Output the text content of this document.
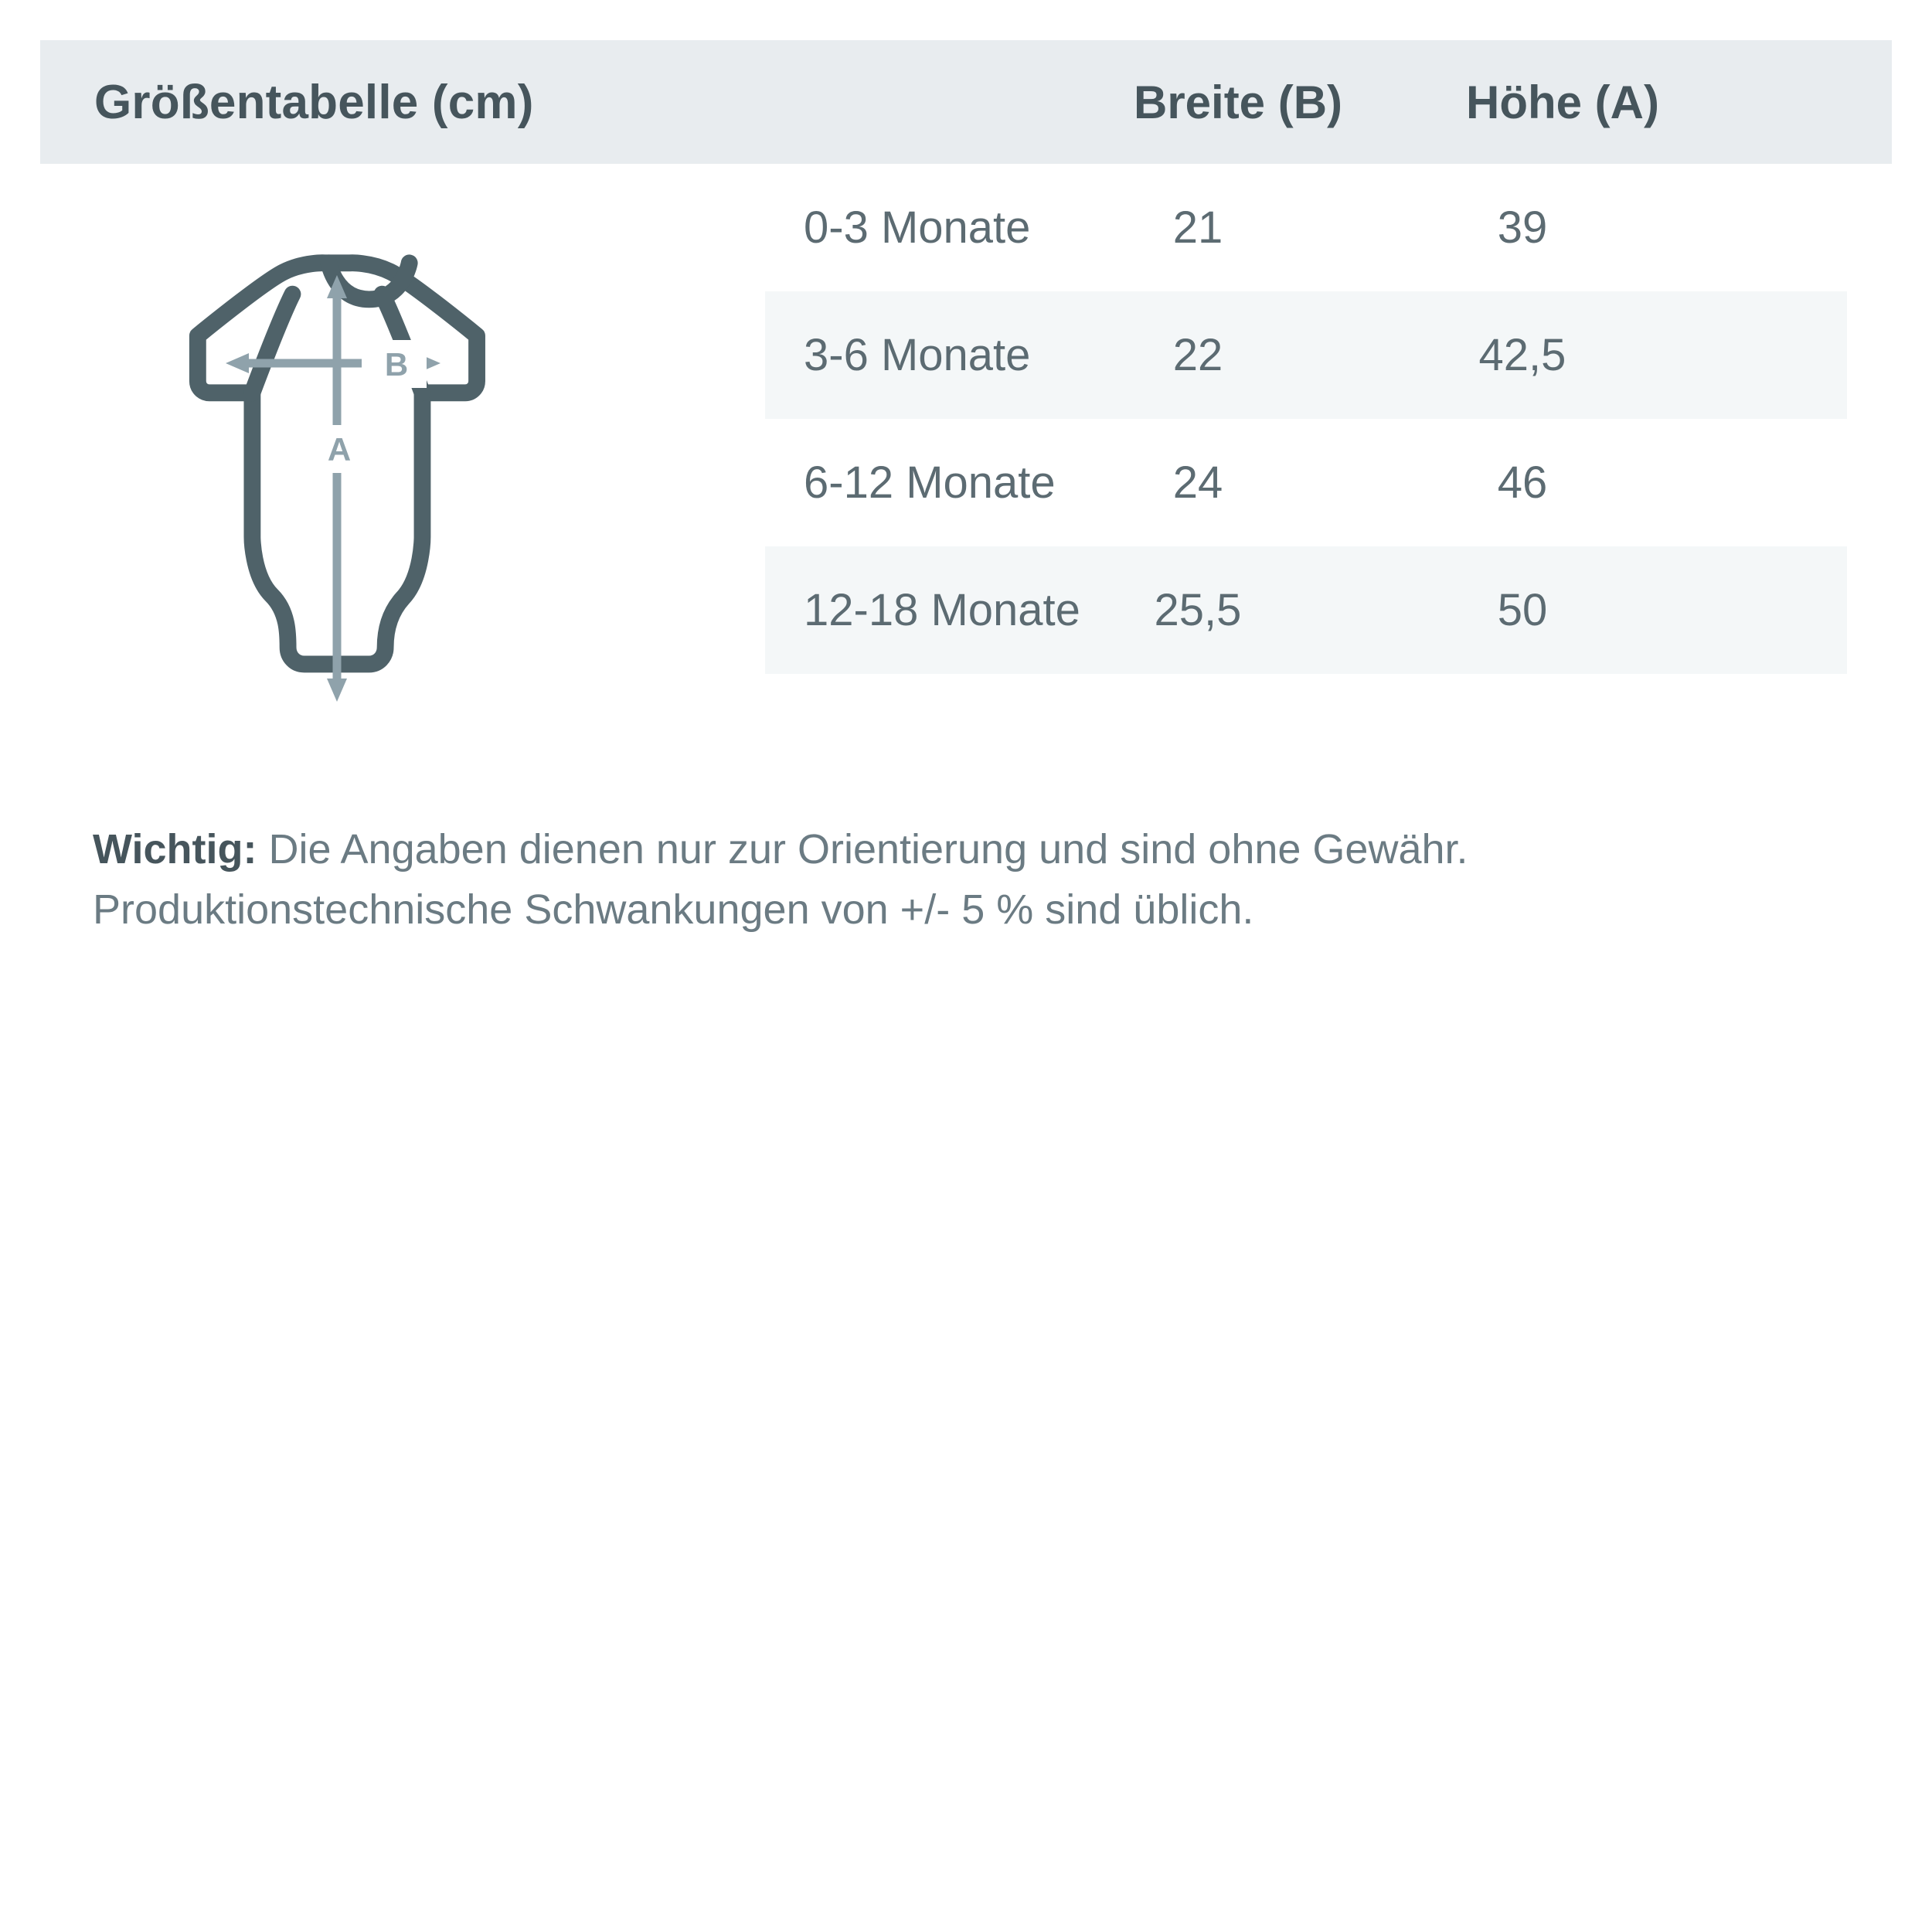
Größentabelle (cm)	Breite (B)	Höhe (A)
B
A
0-3 Monate	21	39
3-6 Monate	22	42,5
6-12 Monate	24	46
12-18 Monate	25,5	50
Wichtig: Die Angaben dienen nur zur Orientierung und sind ohne Gewähr. Produktionstechnische Schwankungen von +/- 5 % sind üblich.
